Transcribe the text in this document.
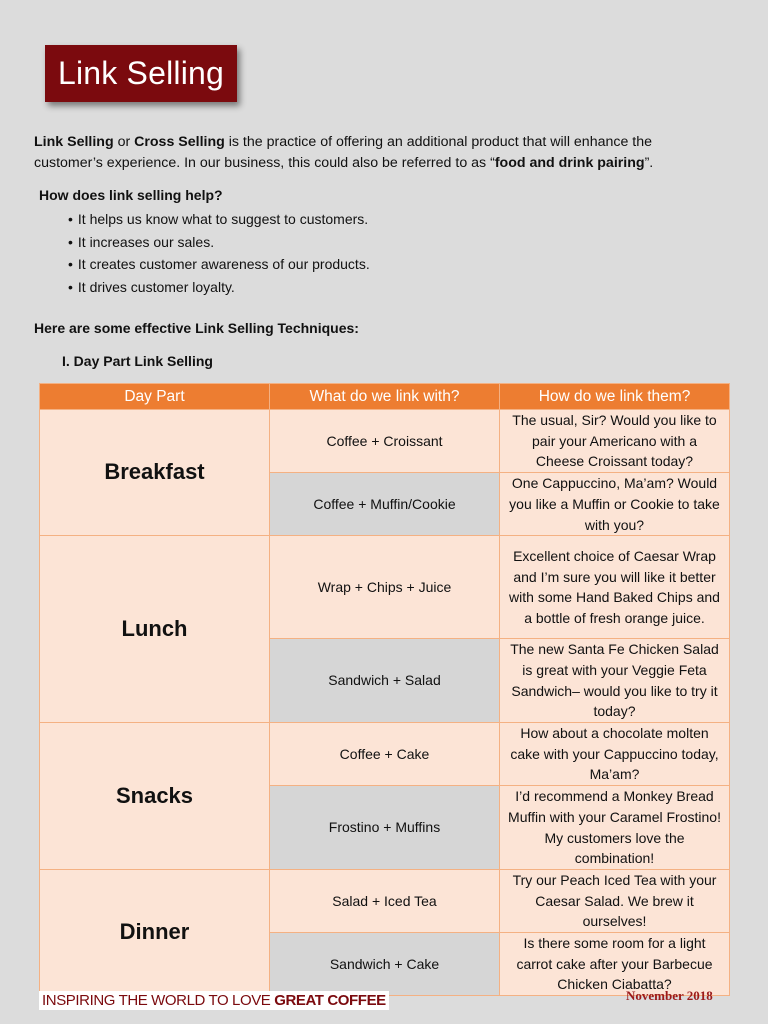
Link Selling
Link Selling or Cross Selling is the practice of offering an additional product that will enhance the customer’s experience. In our business, this could also be referred to as “food and drink pairing”.
How does link selling help?
• It helps us know what to suggest to customers.
• It increases our sales.
• It creates customer awareness of our products.
• It drives customer loyalty.
Here are some effective Link Selling Techniques:
I. Day Part Link Selling
Day Part	What do we link with?	How do we link them?
Breakfast	Coffee + Croissant	The usual, Sir? Would you like to pair your Americano with a Cheese Croissant today?
	Coffee + Muffin/Cookie	One Cappuccino, Ma’am? Would you like a Muffin or Cookie to take with you?
Lunch	Wrap + Chips + Juice	Excellent choice of Caesar Wrap and I’m sure you will like it better with some Hand Baked Chips and a bottle of fresh orange juice.
	Sandwich + Salad	The new Santa Fe Chicken Salad is great with your Veggie Feta Sandwich– would you like to try it today?
Snacks	Coffee + Cake	How about a chocolate molten cake with your Cappuccino today, Ma’am?
	Frostino + Muffins	I’d recommend a Monkey Bread Muffin with your Caramel Frostino! My customers love the combination!
Dinner	Salad + Iced Tea	Try our Peach Iced Tea with your Caesar Salad. We brew it ourselves!
	Sandwich + Cake	Is there some room for a light carrot cake after your Barbecue Chicken Ciabatta?
INSPIRING THE WORLD TO LOVE GREAT COFFEE	November 2018
